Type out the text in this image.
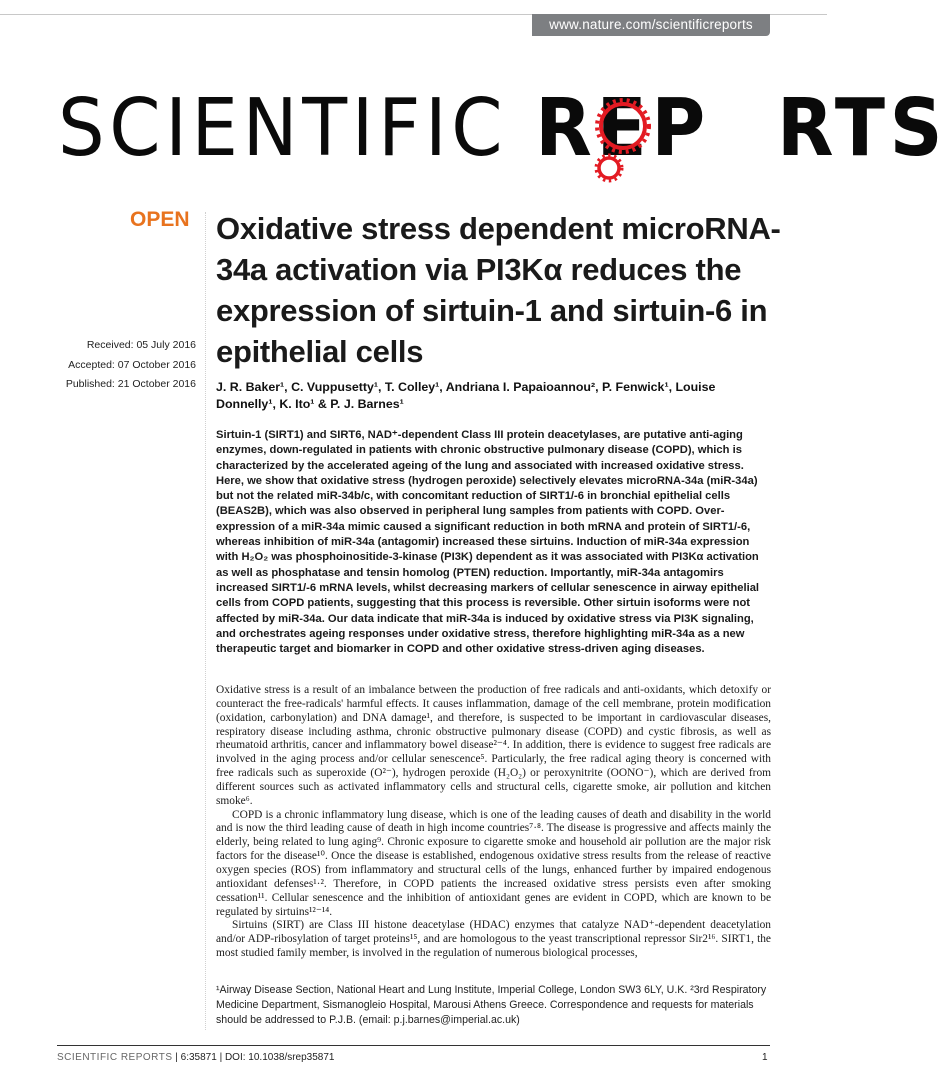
www.nature.com/scientificreports
SCIENTIFIC REP RTS
OPEN
Received: 05 July 2016
Accepted: 07 October 2016
Published: 21 October 2016
Oxidative stress dependent microRNA-34a activation via PI3Kα reduces the expression of sirtuin-1 and sirtuin-6 in epithelial cells
J. R. Baker¹, C. Vuppusetty¹, T. Colley¹, Andriana I. Papaioannou², P. Fenwick¹, Louise Donnelly¹, K. Ito¹ & P. J. Barnes¹
Sirtuin-1 (SIRT1) and SIRT6, NAD⁺-dependent Class III protein deacetylases, are putative anti-aging enzymes, down-regulated in patients with chronic obstructive pulmonary disease (COPD), which is characterized by the accelerated ageing of the lung and associated with increased oxidative stress. Here, we show that oxidative stress (hydrogen peroxide) selectively elevates microRNA-34a (miR-34a) but not the related miR-34b/c, with concomitant reduction of SIRT1/-6 in bronchial epithelial cells (BEAS2B), which was also observed in peripheral lung samples from patients with COPD. Over-expression of a miR-34a mimic caused a significant reduction in both mRNA and protein of SIRT1/-6, whereas inhibition of miR-34a (antagomir) increased these sirtuins. Induction of miR-34a expression with H₂O₂ was phosphoinositide-3-kinase (PI3K) dependent as it was associated with PI3Kα activation as well as phosphatase and tensin homolog (PTEN) reduction. Importantly, miR-34a antagomirs increased SIRT1/-6 mRNA levels, whilst decreasing markers of cellular senescence in airway epithelial cells from COPD patients, suggesting that this process is reversible. Other sirtuin isoforms were not affected by miR-34a. Our data indicate that miR-34a is induced by oxidative stress via PI3K signaling, and orchestrates ageing responses under oxidative stress, therefore highlighting miR-34a as a new therapeutic target and biomarker in COPD and other oxidative stress-driven aging diseases.

Oxidative stress is a result of an imbalance between the production of free radicals and anti-oxidants, which detoxify or counteract the free-radicals' harmful effects. It causes inflammation, damage of the cell membrane, protein modification (oxidation, carbonylation) and DNA damage¹, and therefore, is suspected to be important in cardiovascular diseases, respiratory disease including asthma, chronic obstructive pulmonary disease (COPD) and cystic fibrosis, as well as rheumatoid arthritis, cancer and inflammatory bowel disease²⁻⁴. In addition, there is evidence to suggest free radicals are involved in the aging process and/or cellular senescence⁵. Particularly, the free radical aging theory is concerned with free radicals such as superoxide (O²⁻), hydrogen peroxide (H₂O₂) or peroxynitrite (OONO⁻), which are derived from different sources such as activated inflammatory cells and structural cells, cigarette smoke, air pollution and kitchen smoke⁶.

COPD is a chronic inflammatory lung disease, which is one of the leading causes of death and disability in the world and is now the third leading cause of death in high income countries⁷·⁸. The disease is progressive and affects mainly the elderly, being related to lung aging⁹. Chronic exposure to cigarette smoke and household air pollution are the major risk factors for the disease¹⁰. Once the disease is established, endogenous oxidative stress results from the release of reactive oxygen species (ROS) from inflammatory and structural cells of the lungs, enhanced further by impaired endogenous antioxidant defenses¹·². Therefore, in COPD patients the increased oxidative stress persists even after smoking cessation¹¹. Cellular senescence and the inhibition of antioxidant genes are evident in COPD, which are known to be regulated by sirtuins¹²⁻¹⁴.

Sirtuins (SIRT) are Class III histone deacetylase (HDAC) enzymes that catalyze NAD⁺-dependent deacetylation and/or ADP-ribosylation of target proteins¹⁵, and are homologous to the yeast transcriptional repressor Sir2¹⁶. SIRT1, the most studied family member, is involved in the regulation of numerous biological processes,

¹Airway Disease Section, National Heart and Lung Institute, Imperial College, London SW3 6LY, U.K. ²3rd Respiratory Medicine Department, Sismanogleio Hospital, Marousi Athens Greece. Correspondence and requests for materials should be addressed to P.J.B. (email: p.j.barnes@imperial.ac.uk)
SCIENTIFIC REPORTS | 6:35871 | DOI: 10.1038/srep35871	1
